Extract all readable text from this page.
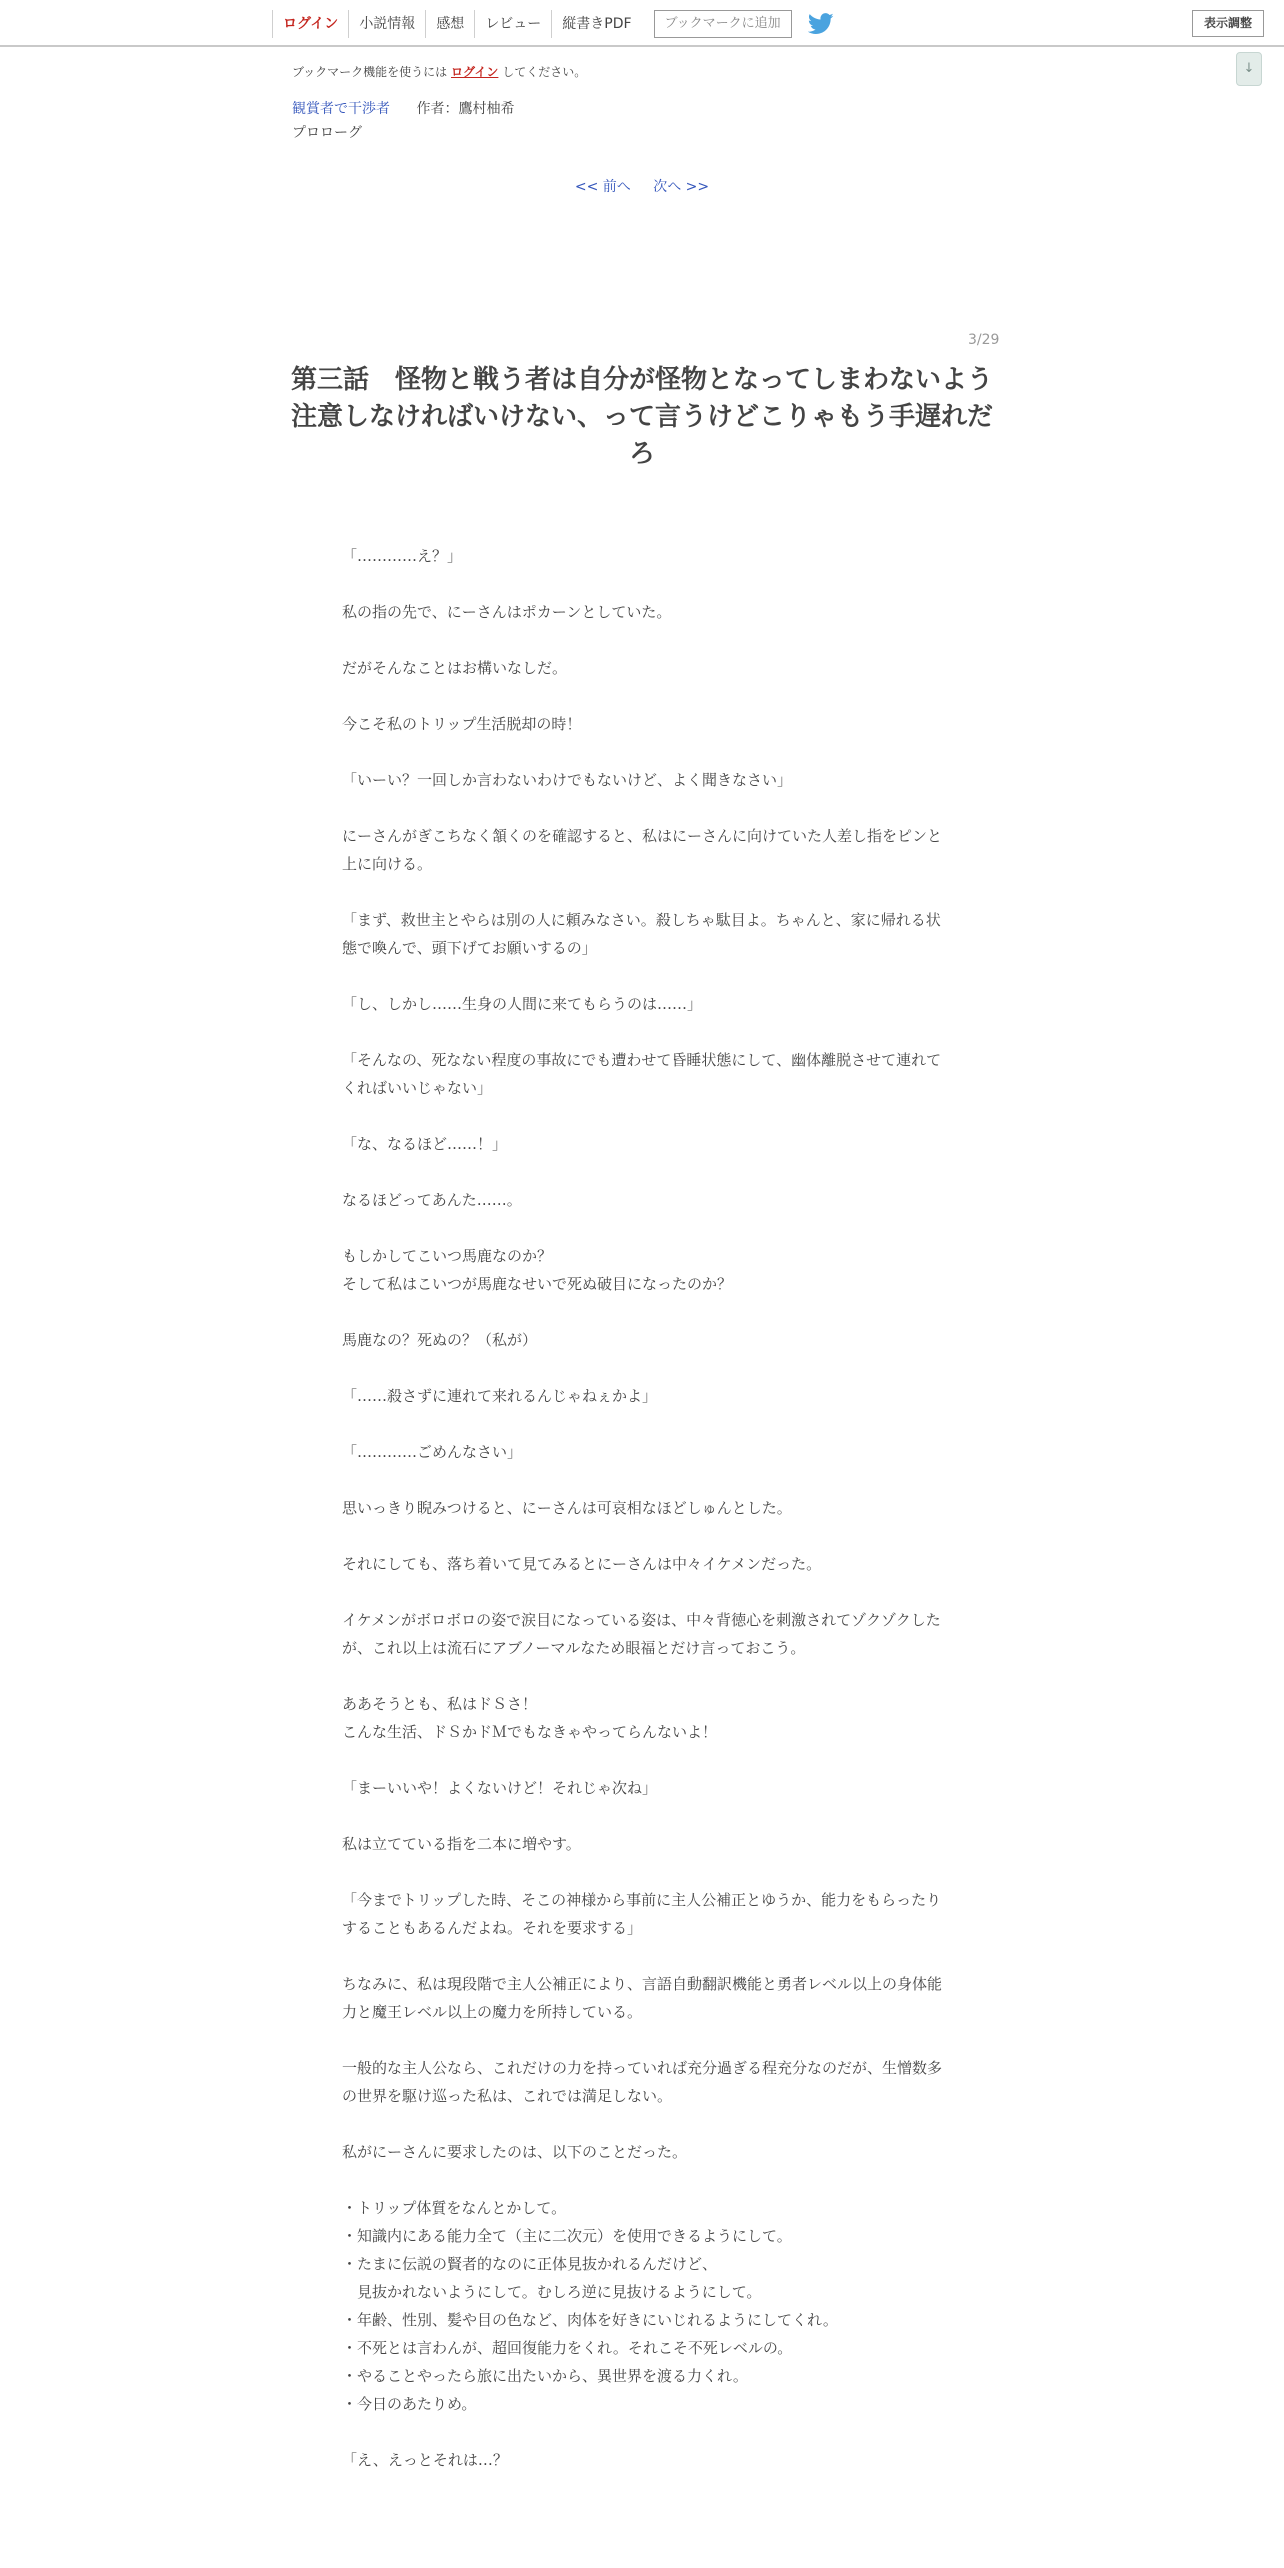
ログイン	小説情報	感想	レビュー	縦書きPDF	ブックマークに追加	表示調整
↓
ブックマーク機能を使うには ログイン してください。
観賞者で干渉者 作者：鷹村柚希
プロローグ
<< 前へ 次へ >>
3/29
第三話　怪物と戦う者は自分が怪物となってしまわないよう注意しなければいけない、って言うけどこりゃもう手遅れだろ

「…………え？」

私の指の先で、にーさんはポカーンとしていた。

だがそんなことはお構いなしだ。

今こそ私のトリップ生活脱却の時！

「いーい？一回しか言わないわけでもないけど、よく聞きなさい」

にーさんがぎこちなく頷くのを確認すると、私はにーさんに向けていた人差し指をピンと上に向ける。

「まず、救世主とやらは別の人に頼みなさい。殺しちゃ駄目よ。ちゃんと、家に帰れる状態で喚んで、頭下げてお願いするの」

「し、しかし……生身の人間に来てもらうのは……」

「そんなの、死なない程度の事故にでも遭わせて昏睡状態にして、幽体離脱させて連れてくればいいじゃない」

「な、なるほど……！」

なるほどってあんた……。

もしかしてこいつ馬鹿なのか？
そして私はこいつが馬鹿なせいで死ぬ破目になったのか？

馬鹿なの？死ぬの？（私が）

「……殺さずに連れて来れるんじゃねぇかよ」

「…………ごめんなさい」

思いっきり睨みつけると、にーさんは可哀相なほどしゅんとした。

それにしても、落ち着いて見てみるとにーさんは中々イケメンだった。

イケメンがボロボロの姿で涙目になっている姿は、中々背徳心を刺激されてゾクゾクしたが、これ以上は流石にアブノーマルなため眼福とだけ言っておこう。

ああそうとも、私はドＳさ！
こんな生活、ドＳかドＭでもなきゃやってらんないよ！

「まーいいや！よくないけど！それじゃ次ね」

私は立てている指を二本に増やす。

「今までトリップした時、そこの神様から事前に主人公補正とゆうか、能力をもらったりすることもあるんだよね。それを要求する」

ちなみに、私は現段階で主人公補正により、言語自動翻訳機能と勇者レベル以上の身体能力と魔王レベル以上の魔力を所持している。

一般的な主人公なら、これだけの力を持っていれば充分過ぎる程充分なのだが、生憎数多の世界を駆け巡った私は、これでは満足しない。

私がにーさんに要求したのは、以下のことだった。

・トリップ体質をなんとかして。
・知識内にある能力全て（主に二次元）を使用できるようにして。
・たまに伝説の賢者的なのに正体見抜かれるんだけど、
　見抜かれないようにして。むしろ逆に見抜けるようにして。
・年齢、性別、髪や目の色など、肉体を好きにいじれるようにしてくれ。
・不死とは言わんが、超回復能力をくれ。それこそ不死レベルの。
・やることやったら旅に出たいから、異世界を渡る力くれ。
・今日のあたりめ。

「え、えっとそれは…？
